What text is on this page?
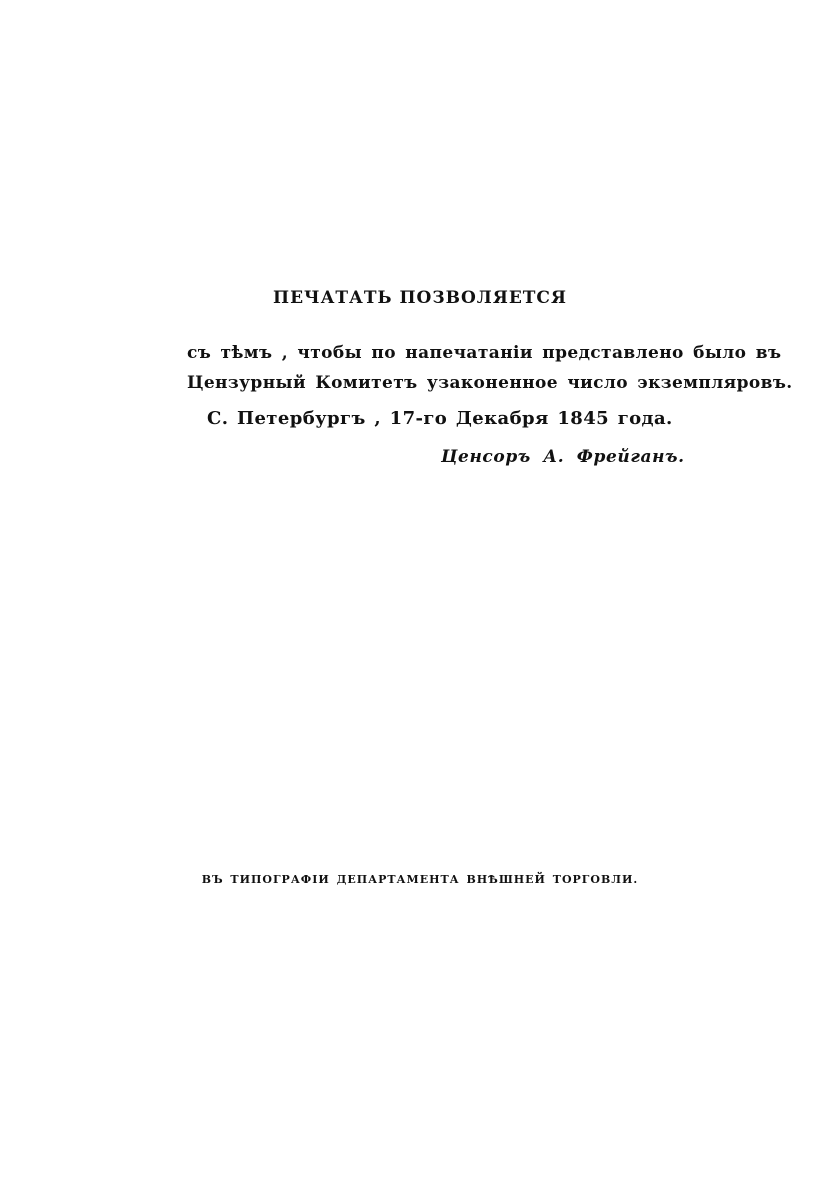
ПЕЧАТАТЬ ПОЗВОЛЯЕТСЯ
съ тѣмъ , чтобы по напечатаніи представлено было въ
Цензурный Комитетъ узаконенное число экземпляровъ.
С. Петербургъ , 17-го Декабря 1845 года.
Ценсоръ А. Фрейганъ.
ВЪ ТИПОГРАФІИ ДЕПАРТАМЕНТА ВНѢШНЕЙ ТОРГОВЛИ.
